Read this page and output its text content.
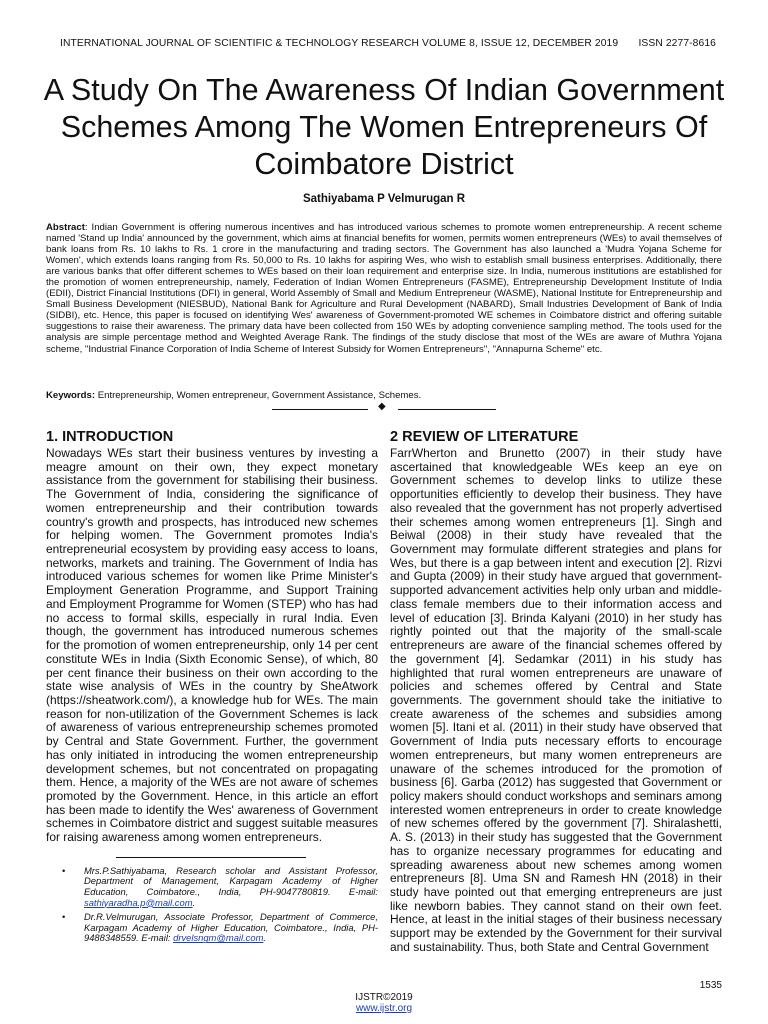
INTERNATIONAL JOURNAL OF SCIENTIFIC & TECHNOLOGY RESEARCH VOLUME 8, ISSUE 12, DECEMBER 2019 ISSN 2277-8616
A Study On The Awareness Of Indian Government
Schemes Among The Women Entrepreneurs Of
Coimbatore District
Sathiyabama P Velmurugan R

Abstract: Indian Government is offering numerous incentives and has introduced various schemes to promote women entrepreneurship. A recent scheme named 'Stand up India' announced by the government, which aims at financial benefits for women, permits women entrepreneurs (WEs) to avail themselves of bank loans from Rs. 10 lakhs to Rs. 1 crore in the manufacturing and trading sectors. The Government has also launched a 'Mudra Yojana Scheme for Women', which extends loans ranging from Rs. 50,000 to Rs. 10 lakhs for aspiring Wes, who wish to establish small business enterprises. Additionally, there are various banks that offer different schemes to WEs based on their loan requirement and enterprise size. In India, numerous institutions are established for the promotion of women entrepreneurship, namely, Federation of Indian Women Entrepreneurs (FASME), Entrepreneurship Development Institute of India (EDII), District Financial Institutions (DFI) in general, World Assembly of Small and Medium Entrepreneur (WASME), National Institute for Entrepreneurship and Small Business Development (NIESBUD), National Bank for Agriculture and Rural Development (NABARD), Small Industries Development of Bank of India (SIDBI), etc. Hence, this paper is focused on identifying Wes' awareness of Government-promoted WE schemes in Coimbatore district and offering suitable suggestions to raise their awareness. The primary data have been collected from 150 WEs by adopting convenience sampling method. The tools used for the analysis are simple percentage method and Weighted Average Rank. The findings of the study disclose that most of the WEs are aware of Muthra Yojana scheme, "Industrial Finance Corporation of India Scheme of Interest Subsidy for Women Entrepreneurs", "Annapurna Scheme" etc.

Keywords: Entrepreneurship, Women entrepreneur, Government Assistance, Schemes.

◆
1. INTRODUCTION

Nowadays WEs start their business ventures by investing a meagre amount on their own, they expect monetary assistance from the government for stabilising their business. The Government of India, considering the significance of women entrepreneurship and their contribution towards country's growth and prospects, has introduced new schemes for helping women. The Government promotes India's entrepreneurial ecosystem by providing easy access to loans, networks, markets and training. The Government of India has introduced various schemes for women like Prime Minister's Employment Generation Programme, and Support Training and Employment Programme for Women (STEP) who has had no access to formal skills, especially in rural India. Even though, the government has introduced numerous schemes for the promotion of women entrepreneurship, only 14 per cent constitute WEs in India (Sixth Economic Sense), of which, 80 per cent finance their business on their own according to the state wise analysis of WEs in the country by SheAtwork (https://sheatwork.com/), a knowledge hub for WEs. The main reason for non-utilization of the Government Schemes is lack of awareness of various entrepreneurship schemes promoted by Central and State Government. Further, the government has only initiated in introducing the women entrepreneurship development schemes, but not concentrated on propagating them. Hence, a majority of the WEs are not aware of schemes promoted by the Government. Hence, in this article an effort has been made to identify the Wes' awareness of Government schemes in Coimbatore district and suggest suitable measures for raising awareness among women entrepreneurs.

• Mrs.P.Sathiyabama, Research scholar and Assistant Professor, Department of Management, Karpagam Academy of Higher Education, Coimbatore., India, PH-9047780819. E-mail: sathiyaradha.p@mail.com.
• Dr.R.Velmurugan, Associate Professor, Department of Commerce, Karpagam Academy of Higher Education, Coimbatore., India, PH-9488348559. E-mail: drvelsngm@mail.com.
2 REVIEW OF LITERATURE

FarrWherton and Brunetto (2007) in their study have ascertained that knowledgeable WEs keep an eye on Government schemes to develop links to utilize these opportunities efficiently to develop their business. They have also revealed that the government has not properly advertised their schemes among women entrepreneurs [1]. Singh and Beiwal (2008) in their study have revealed that the Government may formulate different strategies and plans for Wes, but there is a gap between intent and execution [2]. Rizvi and Gupta (2009) in their study have argued that government-supported advancement activities help only urban and middle-class female members due to their information access and level of education [3]. Brinda Kalyani (2010) in her study has rightly pointed out that the majority of the small-scale entrepreneurs are aware of the financial schemes offered by the government [4]. Sedamkar (2011) in his study has highlighted that rural women entrepreneurs are unaware of policies and schemes offered by Central and State governments. The government should take the initiative to create awareness of the schemes and subsidies among women [5]. Itani et al. (2011) in their study have observed that Government of India puts necessary efforts to encourage women entrepreneurs, but many women entrepreneurs are unaware of the schemes introduced for the promotion of business [6]. Garba (2012) has suggested that Government or policy makers should conduct workshops and seminars among interested women entrepreneurs in order to create knowledge of new schemes offered by the government [7]. Shiralashetti, A. S. (2013) in their study has suggested that the Government has to organize necessary programmes for educating and spreading awareness about new schemes among women entrepreneurs [8]. Uma SN and Ramesh HN (2018) in their study have pointed out that emerging entrepreneurs are just like newborn babies. They cannot stand on their own feet. Hence, at least in the initial stages of their business necessary support may be extended by the Government for their survival and sustainability. Thus, both State and Central Government

1535
IJSTR©2019
www.ijstr.org
